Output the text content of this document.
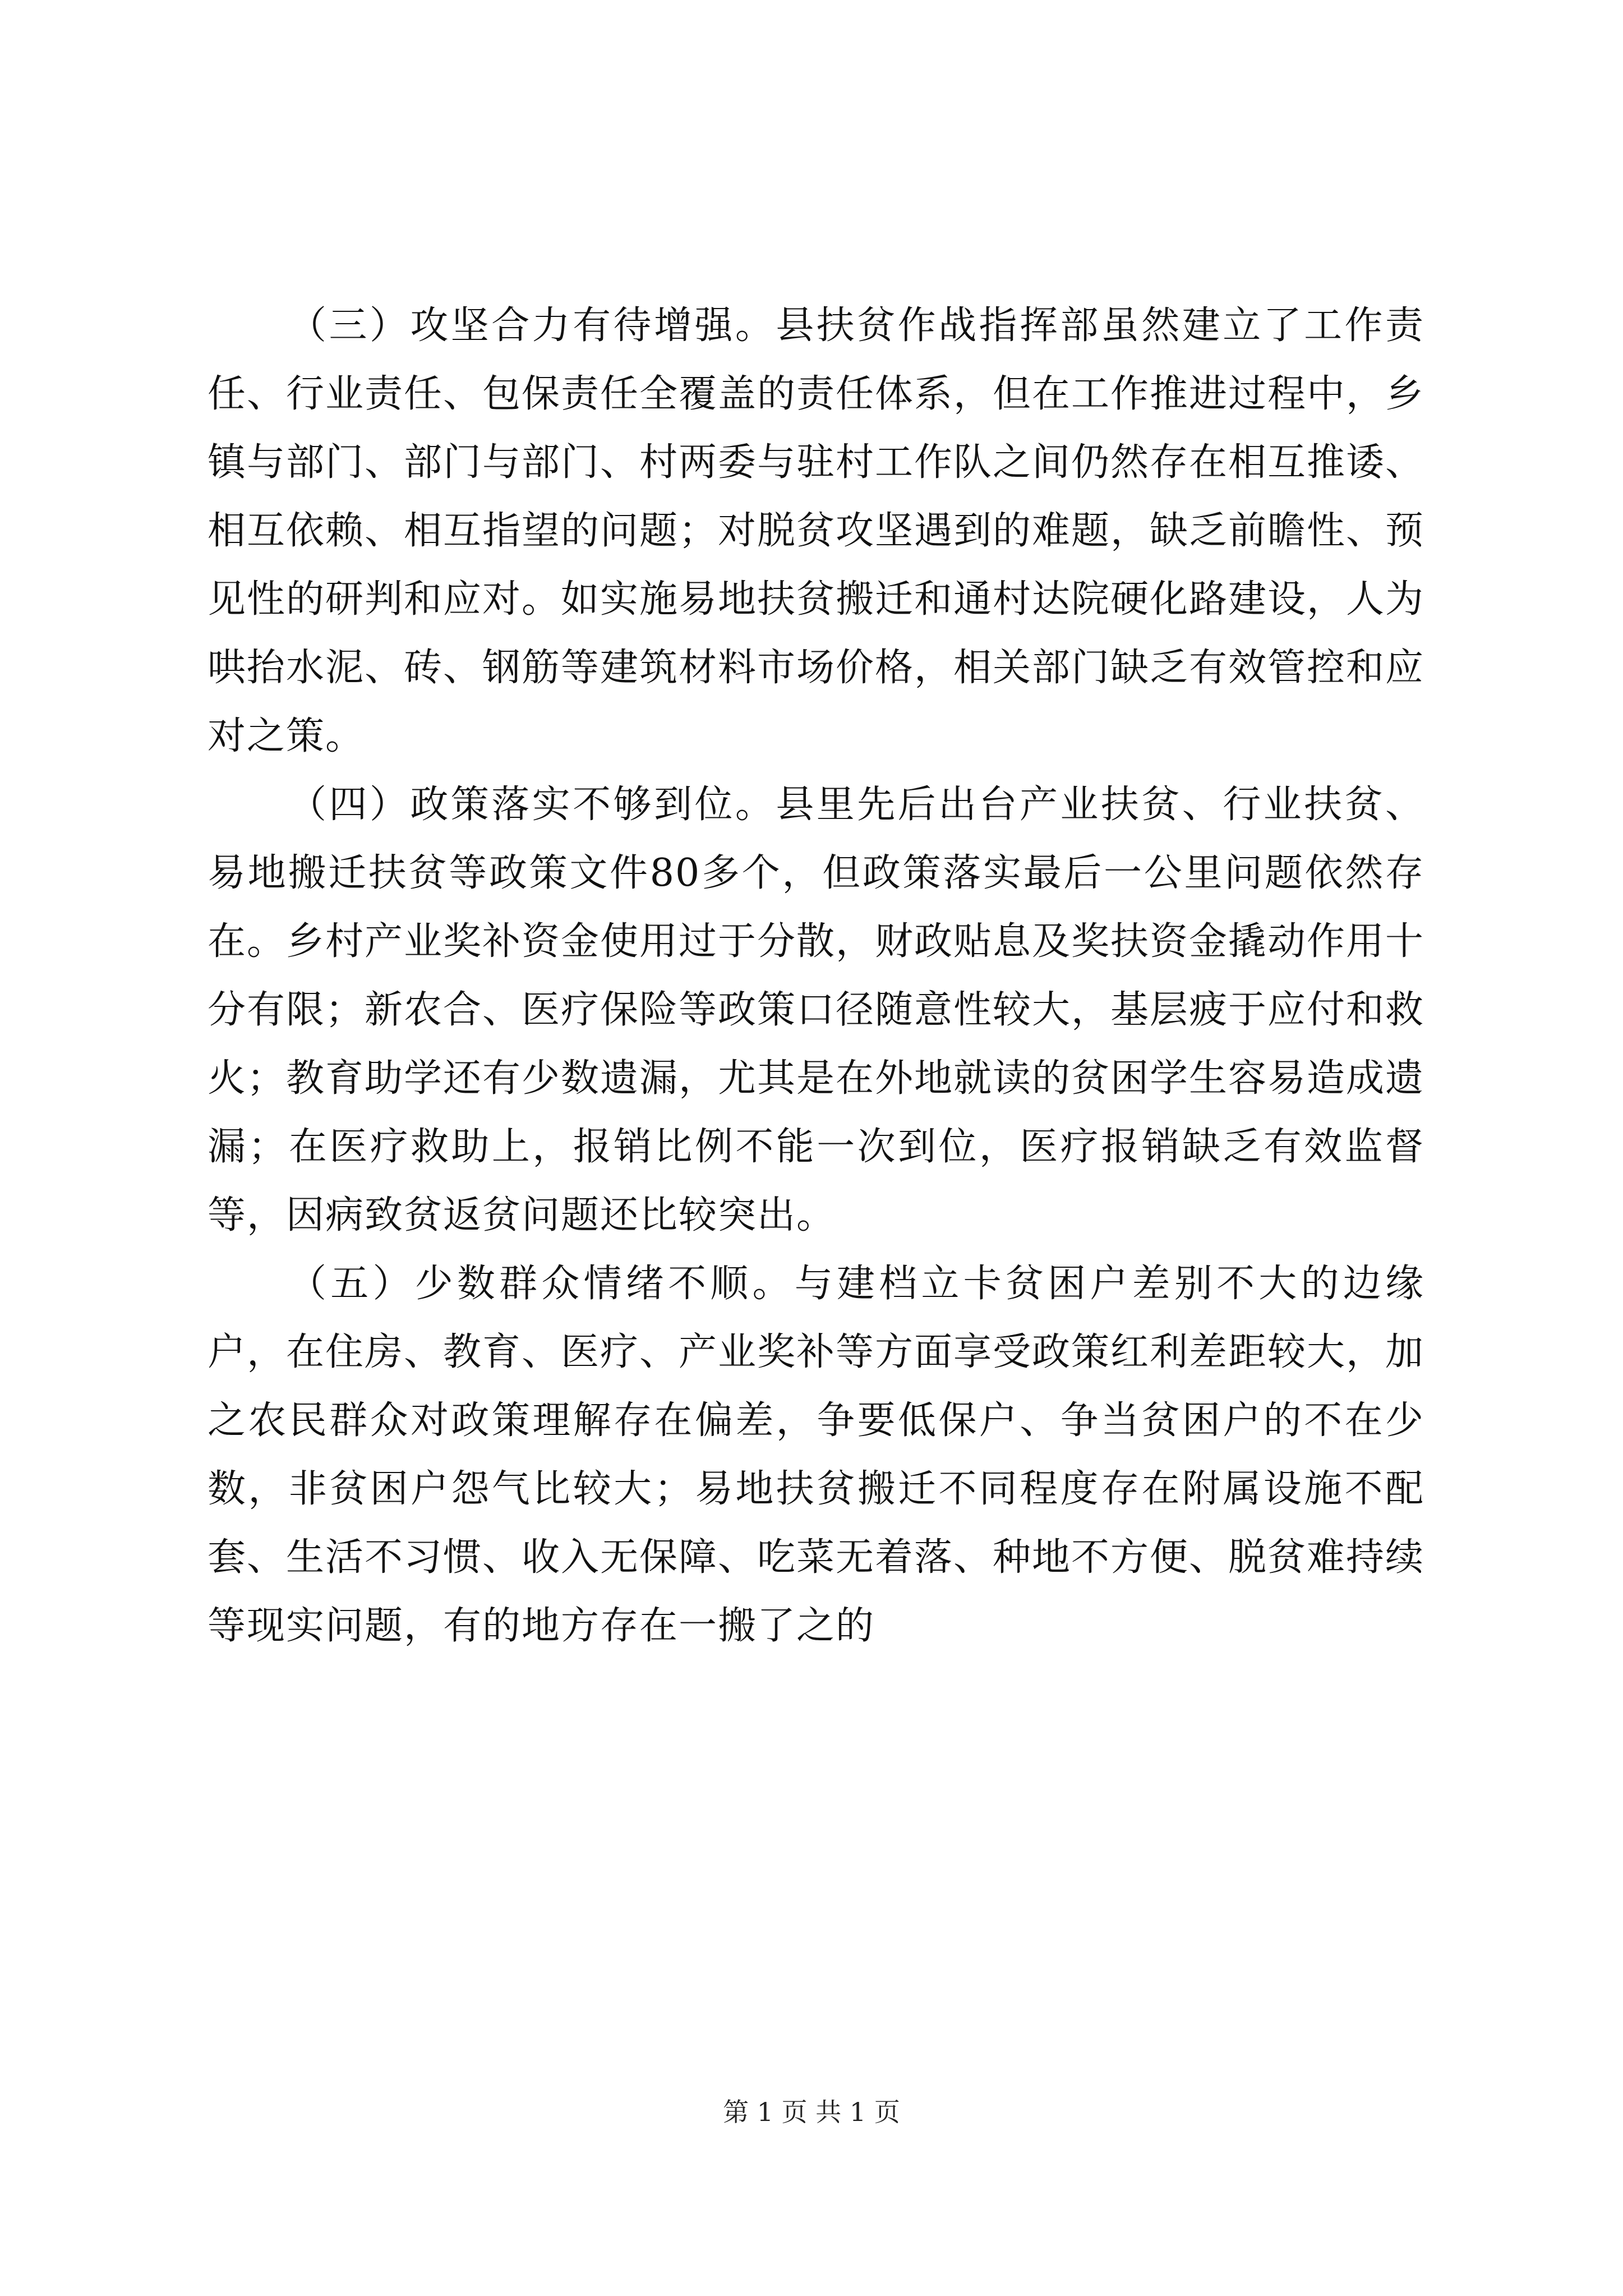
（三）攻坚合力有待增强。县扶贫作战指挥部虽然建立了工作责任、行业责任、包保责任全覆盖的责任体系，但在工作推进过程中，乡镇与部门、部门与部门、村两委与驻村工作队之间仍然存在相互推诿、相互依赖、相互指望的问题；对脱贫攻坚遇到的难题，缺乏前瞻性、预见性的研判和应对。如实施易地扶贫搬迁和通村达院硬化路建设，人为哄抬水泥、砖、钢筋等建筑材料市场价格，相关部门缺乏有效管控和应对之策。

（四）政策落实不够到位。县里先后出台产业扶贫、行业扶贫、易地搬迁扶贫等政策文件80多个，但政策落实最后一公里问题依然存在。乡村产业奖补资金使用过于分散，财政贴息及奖扶资金撬动作用十分有限；新农合、医疗保险等政策口径随意性较大，基层疲于应付和救火；教育助学还有少数遗漏，尤其是在外地就读的贫困学生容易造成遗漏；在医疗救助上，报销比例不能一次到位，医疗报销缺乏有效监督等，因病致贫返贫问题还比较突出。

（五）少数群众情绪不顺。与建档立卡贫困户差别不大的边缘户，在住房、教育、医疗、产业奖补等方面享受政策红利差距较大，加之农民群众对政策理解存在偏差，争要低保户、争当贫困户的不在少数，非贫困户怨气比较大；易地扶贫搬迁不同程度存在附属设施不配套、生活不习惯、收入无保障、吃菜无着落、种地不方便、脱贫难持续等现实问题，有的地方存在一搬了之的

第 1 页 共 1 页
